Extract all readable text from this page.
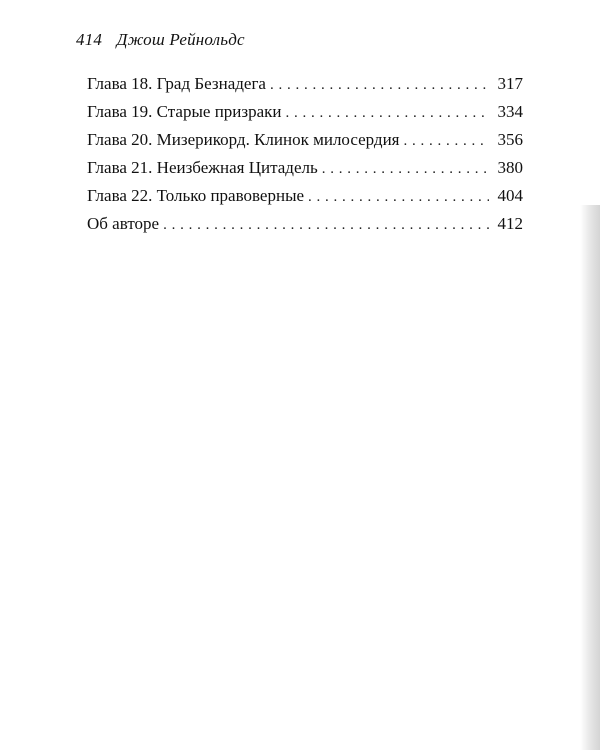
414 Джош Рейнольдс
Глава 18. Град Безнадега . . .	317
Глава 19. Старые призраки . . .	334
Глава 20. Мизерикорд. Клинок милосердия . . .	356
Глава 21. Неизбежная Цитадель . . .	380
Глава 22. Только правоверные . . .	404
Об авторе . . .	412
